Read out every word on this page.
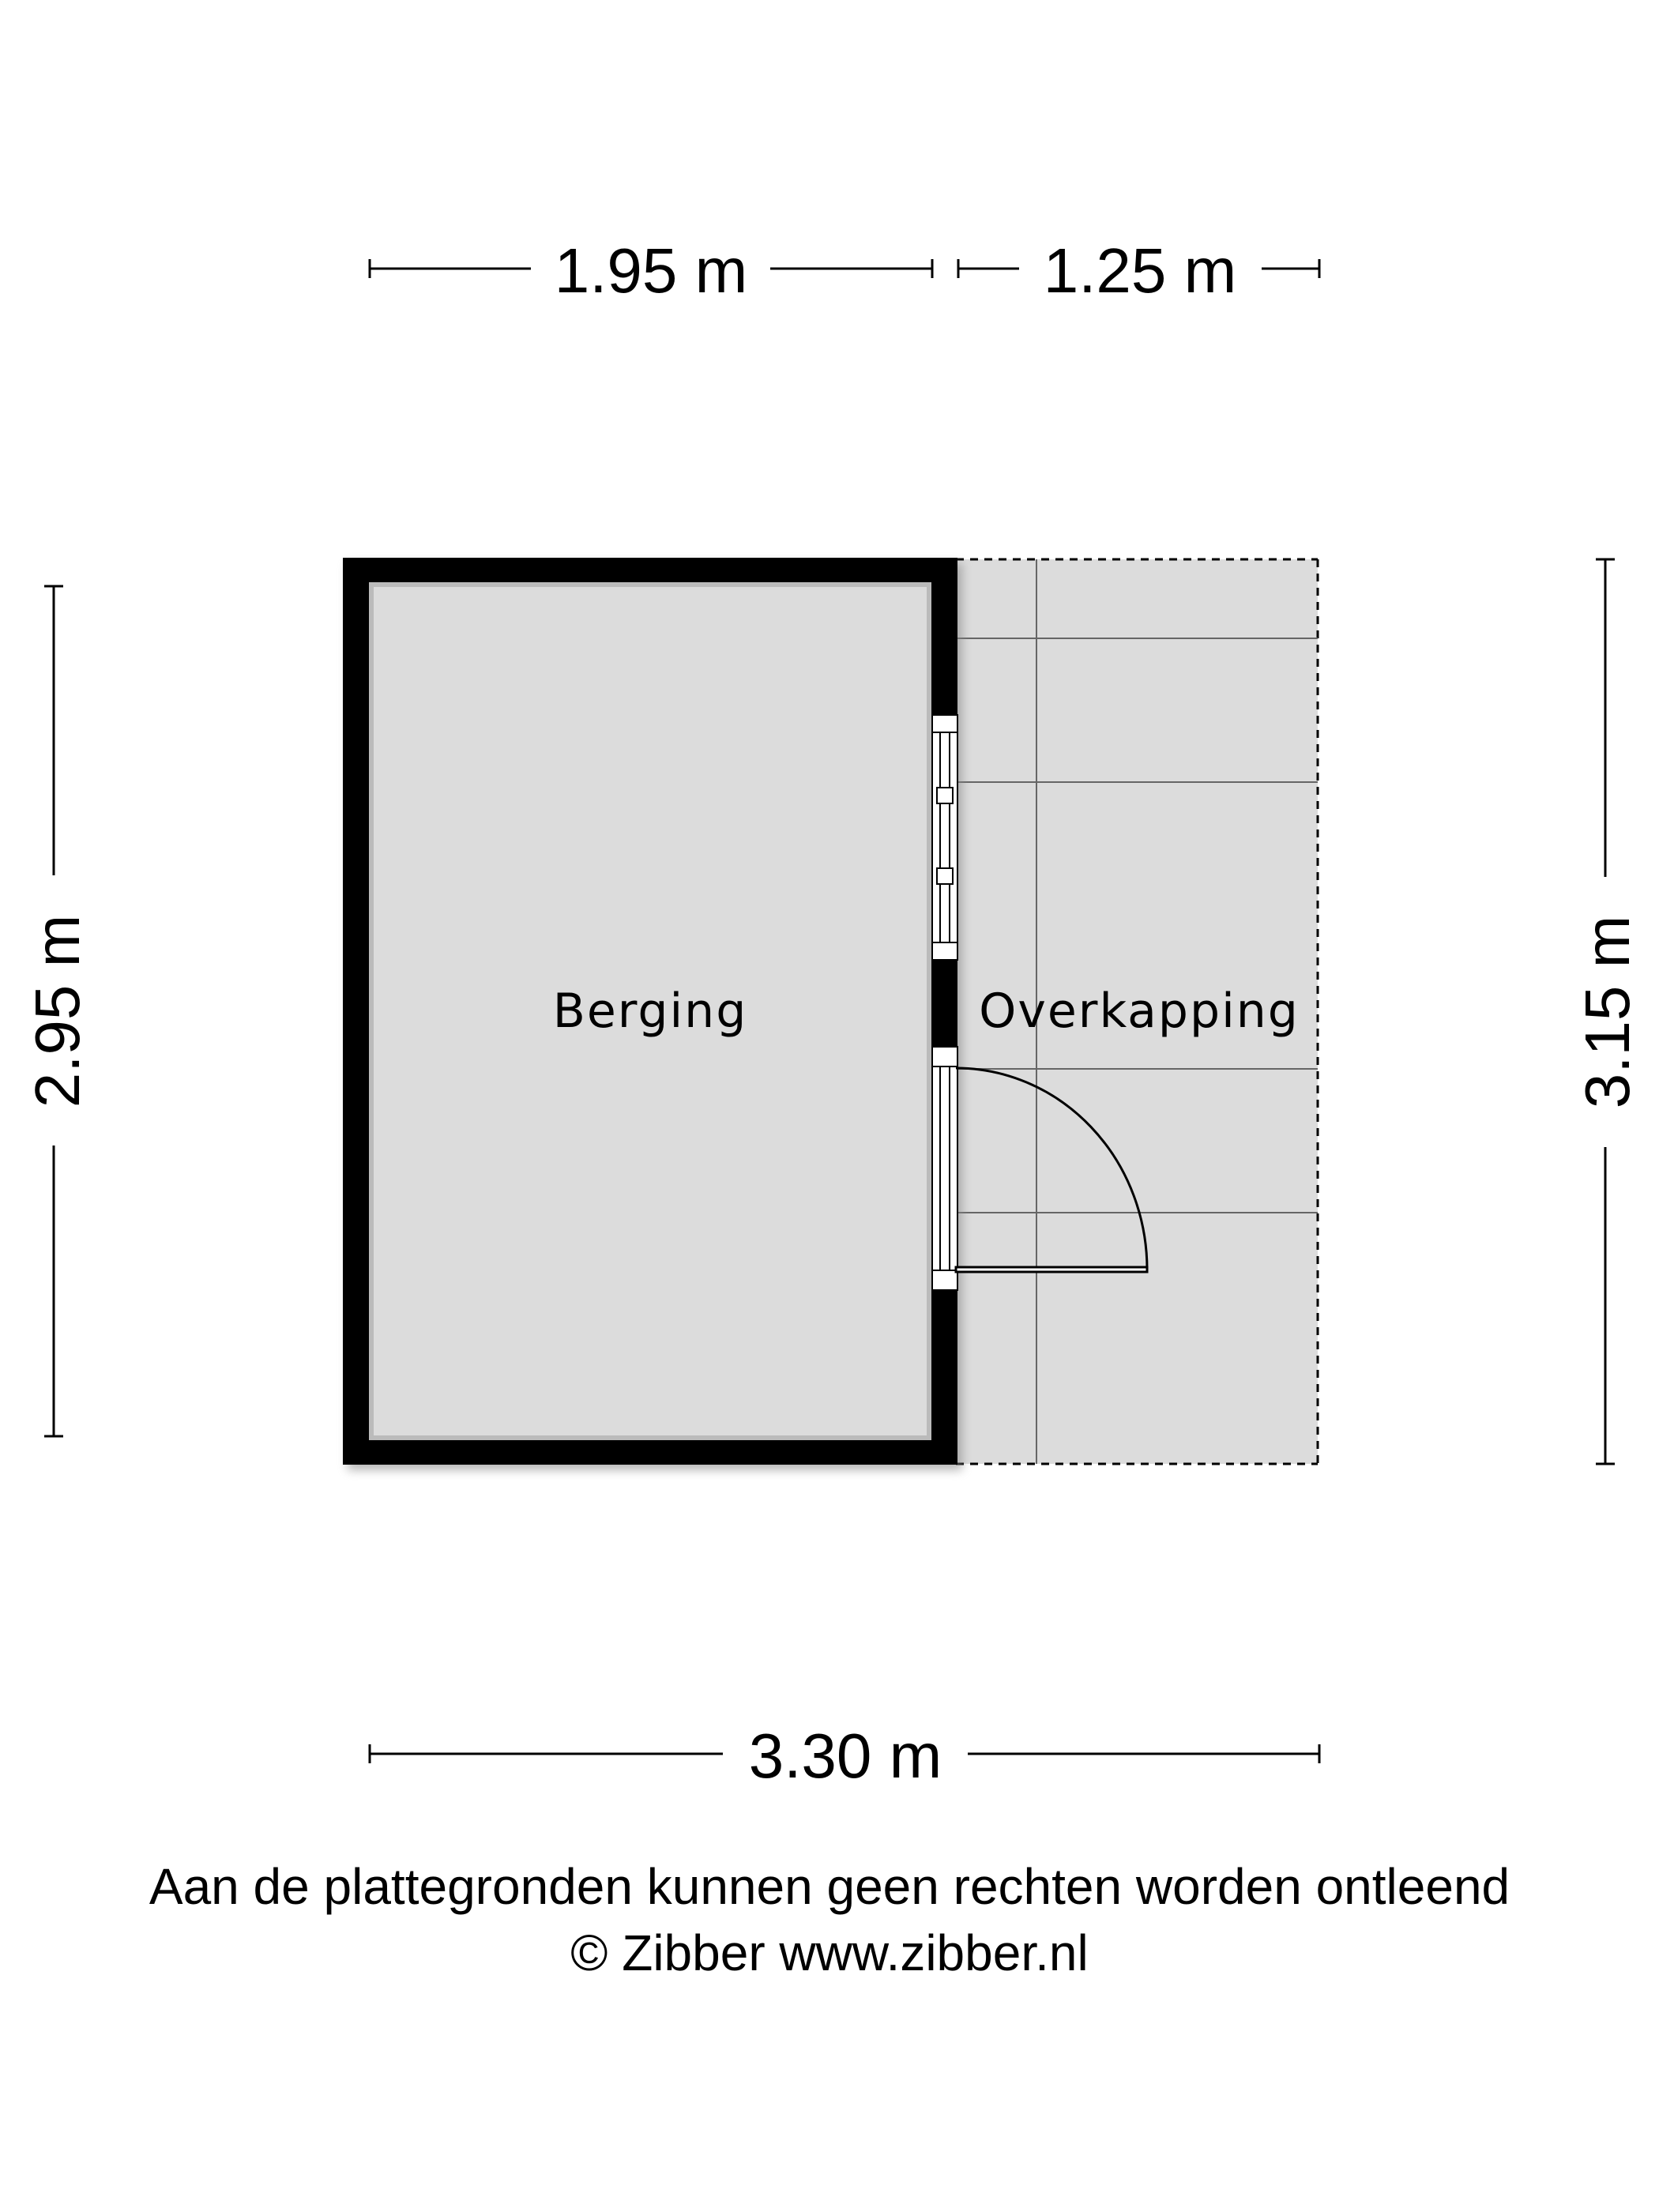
Berging	Overkapping
1.95 m	1.25 m
2.95 m	3.15 m
3.30 m
Aan de plattegronden kunnen geen rechten worden ontleend
© Zibber www.zibber.nl
